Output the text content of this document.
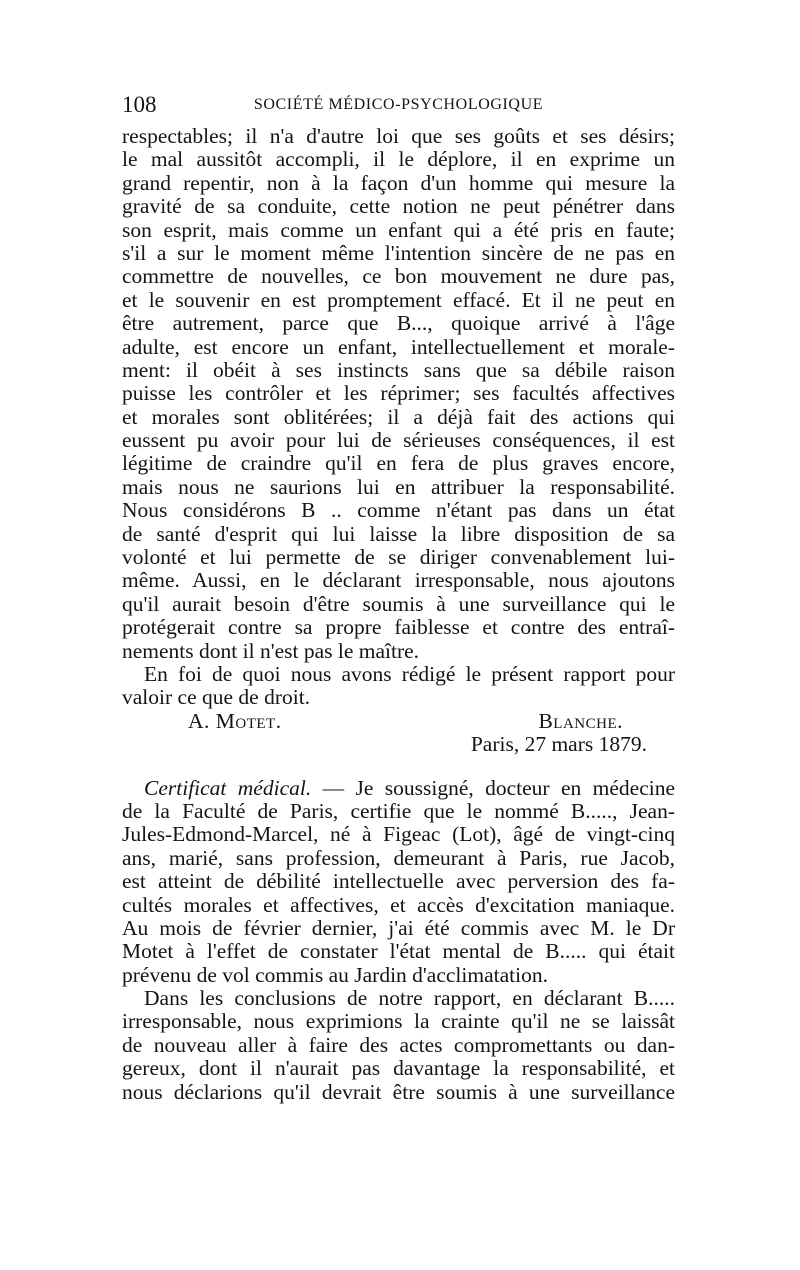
108	SOCIÉTÉ MÉDICO-PSYCHOLOGIQUE
respectables; il n'a d'autre loi que ses goûts et ses désirs;
le mal aussitôt accompli, il le déplore, il en exprime un
grand repentir, non à la façon d'un homme qui mesure la
gravité de sa conduite, cette notion ne peut pénétrer dans
son esprit, mais comme un enfant qui a été pris en faute;
s'il a sur le moment même l'intention sincère de ne pas en
commettre de nouvelles, ce bon mouvement ne dure pas,
et le souvenir en est promptement effacé. Et il ne peut en
être autrement, parce que B..., quoique arrivé à l'âge
adulte, est encore un enfant, intellectuellement et morale-
ment: il obéit à ses instincts sans que sa débile raison
puisse les contrôler et les réprimer; ses facultés affectives
et morales sont oblitérées; il a déjà fait des actions qui
eussent pu avoir pour lui de sérieuses conséquences, il est
légitime de craindre qu'il en fera de plus graves encore,
mais nous ne saurions lui en attribuer la responsabilité.
Nous considérons B .. comme n'étant pas dans un état
de santé d'esprit qui lui laisse la libre disposition de sa
volonté et lui permette de se diriger convenablement lui-
même. Aussi, en le déclarant irresponsable, nous ajoutons
qu'il aurait besoin d'être soumis à une surveillance qui le
protégerait contre sa propre faiblesse et contre des entraî-
nements dont il n'est pas le maître.
En foi de quoi nous avons rédigé le présent rapport pour
valoir ce que de droit.
A. Motet.	Blanche.
Paris, 27 mars 1879.
Certificat médical. — Je soussigné, docteur en médecine
de la Faculté de Paris, certifie que le nommé B....., Jean-
Jules-Edmond-Marcel, né à Figeac (Lot), âgé de vingt-cinq
ans, marié, sans profession, demeurant à Paris, rue Jacob,
est atteint de débilité intellectuelle avec perversion des fa-
cultés morales et affectives, et accès d'excitation maniaque.
Au mois de février dernier, j'ai été commis avec M. le Dr
Motet à l'effet de constater l'état mental de B..... qui était
prévenu de vol commis au Jardin d'acclimatation.
Dans les conclusions de notre rapport, en déclarant B.....
irresponsable, nous exprimions la crainte qu'il ne se laissât
de nouveau aller à faire des actes compromettants ou dan-
gereux, dont il n'aurait pas davantage la responsabilité, et
nous déclarions qu'il devrait être soumis à une surveillance
